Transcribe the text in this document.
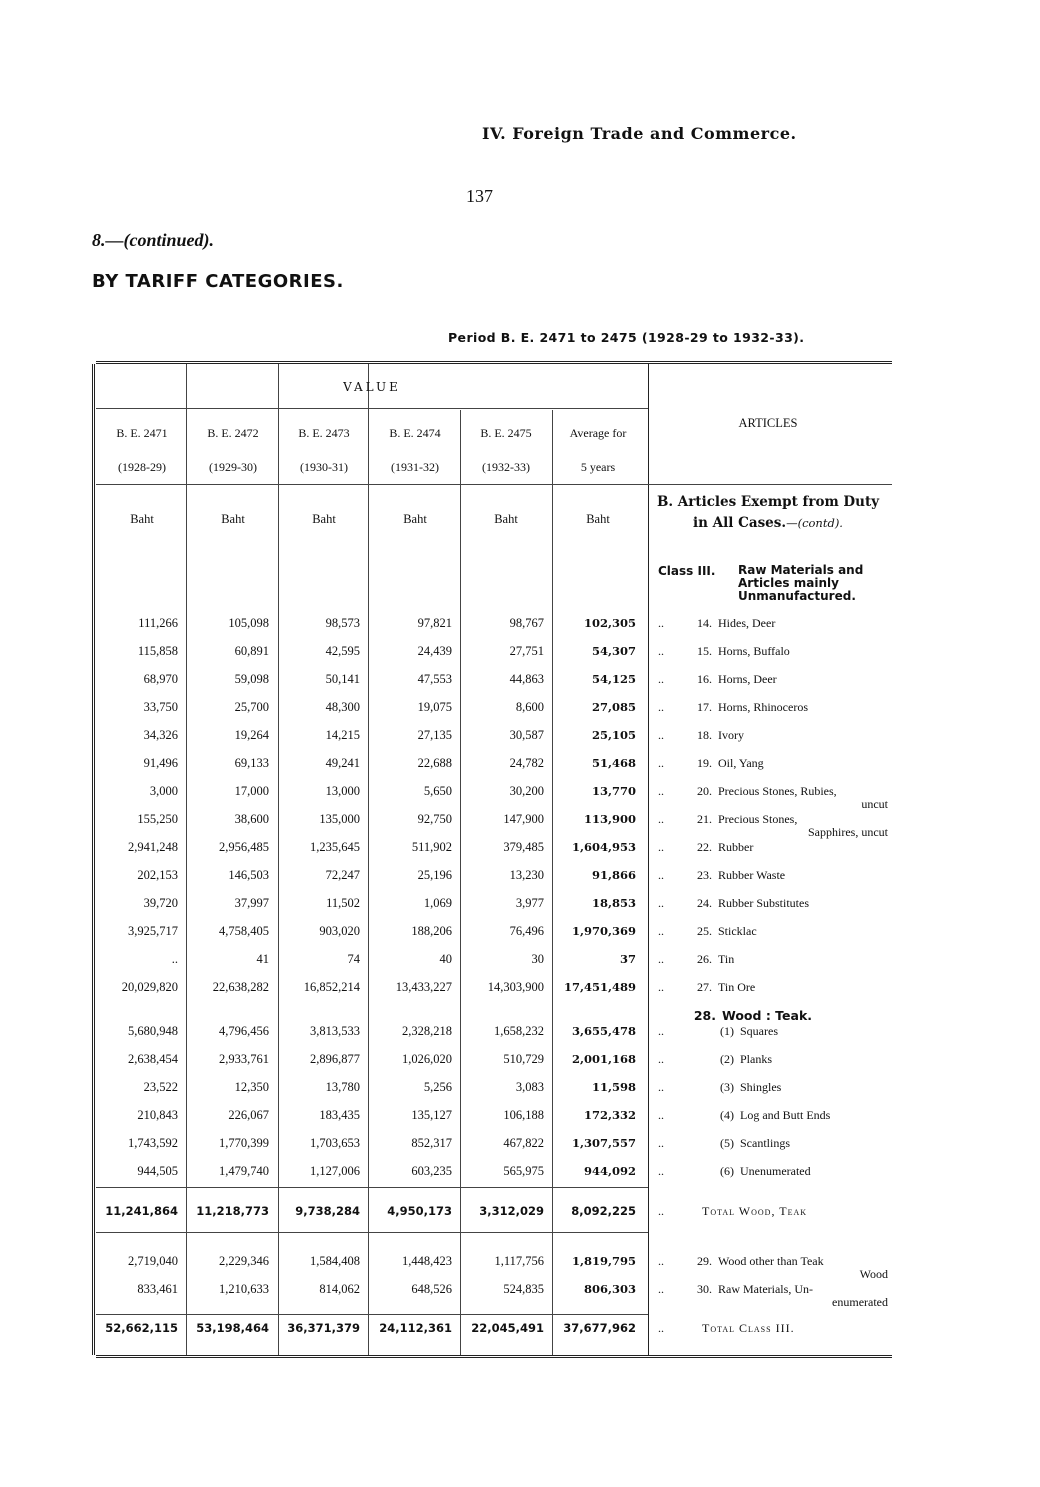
IV. Foreign Trade and Commerce.
137
8.—(continued).
BY TARIFF CATEGORIES.
Period B. E. 2471 to 2475 (1928-29 to 1932-33).
VALUE
ARTICLES
B. E. 2471
(1928-29)
B. E. 2472
(1929-30)
B. E. 2473
(1930-31)
B. E. 2474
(1931-32)
B. E. 2475
(1932-33)
Average for
5 years
Baht	Baht	Baht	Baht	Baht	Baht
B. Articles Exempt from Duty in All Cases.—(contd).
Class III. Raw Materials and Articles mainly Unmanufactured.
111,266	105,098	98,573	97,821	98,767	102,305 ..	14. Hides, Deer
115,858	60,891	42,595	24,439	27,751	54,307 ..	15. Horns, Buffalo
68,970	59,098	50,141	47,553	44,863	54,125 ..	16. Horns, Deer
33,750	25,700	48,300	19,075	8,600	27,085 ..	17. Horns, Rhinoceros
34,326	19,264	14,215	27,135	30,587	25,105 ..	18. Ivory
91,496	69,133	49,241	22,688	24,782	51,468 ..	19. Oil, Yang
3,000	17,000	13,000	5,650	30,200	13,770 ..	20. Precious Stones, Rubies,
uncut
155,250	38,600	135,000	92,750	147,900	113,900 ..	21. Precious Stones,
Sapphires, uncut
2,941,248	2,956,485	1,235,645	511,902	379,485	1,604,953 ..	22. Rubber
202,153	146,503	72,247	25,196	13,230	91,866 ..	23. Rubber Waste
39,720	37,997	11,502	1,069	3,977	18,853 ..	24. Rubber Substitutes
3,925,717	4,758,405	903,020	188,206	76,496	1,970,369 ..	25. Sticklac
..	41	74	40	30	37 ..	26. Tin
20,029,820	22,638,282	16,852,214	13,433,227	14,303,900	17,451,489 ..	27. Tin Ore
28. Wood : Teak.
5,680,948	4,796,456	3,813,533	2,328,218	1,658,232	3,655,478 ..	(1) Squares
2,638,454	2,933,761	2,896,877	1,026,020	510,729	2,001,168 ..	(2) Planks
23,522	12,350	13,780	5,256	3,083	11,598 ..	(3) Shingles
210,843	226,067	183,435	135,127	106,188	172,332 ..	(4) Log and Butt Ends
1,743,592	1,770,399	1,703,653	852,317	467,822	1,307,557 ..	(5) Scantlings
944,505	1,479,740	1,127,006	603,235	565,975	944,092 ..	(6) Unenumerated
11,241,864	11,218,773	9,738,284	4,950,173	3,312,029	8,092,225 ..	Total Wood, Teak
2,719,040	2,229,346	1,584,408	1,448,423	1,117,756	1,819,795 ..	29. Wood other than Teak
Wood
833,461	1,210,633	814,062	648,526	524,835	806,303 ..	30. Raw Materials, Un-
enumerated
52,662,115	53,198,464	36,371,379	24,112,361	22,045,491	37,677,962 ..	Total Class III.
